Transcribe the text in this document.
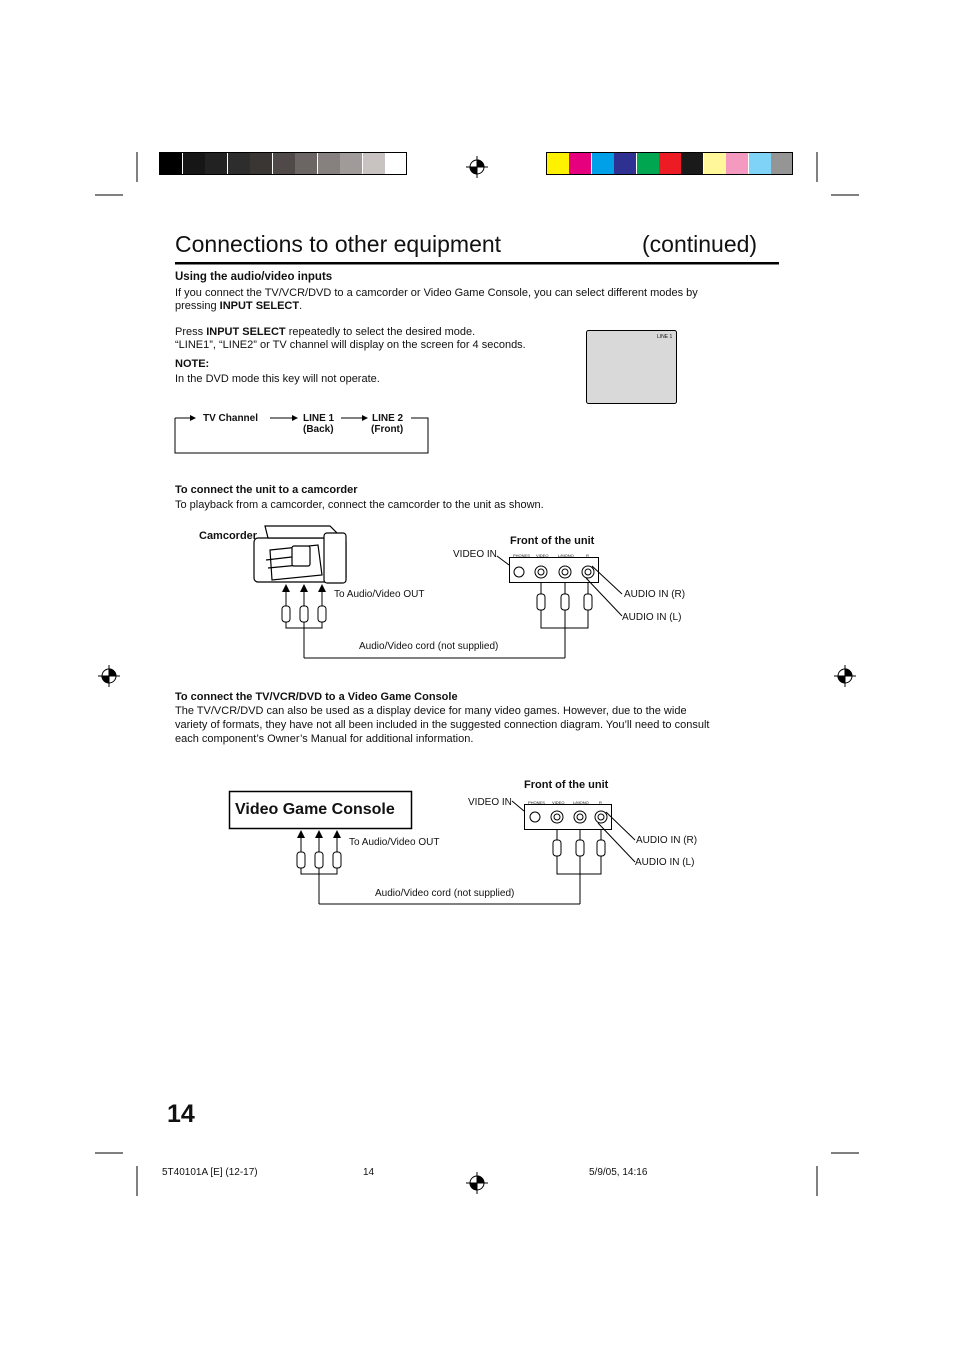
Connections to other equipment	(continued)
Using the audio/video inputs
If you connect the TV/VCR/DVD to a camcorder or Video Game Console, you can select different modes by
pressing INPUT SELECT.
Press INPUT SELECT repeatedly to select the desired mode.
“LINE1”, “LINE2” or TV channel will display on the screen for 4 seconds.
NOTE:
In the DVD mode this key will not operate.
LINE 1
TV Channel	LINE 1
(Back)
LINE 2
(Front)
To connect the unit to a camcorder
To playback from a camcorder, connect the camcorder to the unit as shown.
Camcorder	Front of the unit
VIDEO IN	PHONES VIDEO L/MONO	R
To Audio/Video OUT	AUDIO IN (R)
AUDIO IN (L)
Audio/Video cord (not supplied)
To connect the TV/VCR/DVD to a Video Game Console
The TV/VCR/DVD can also be used as a display device for many video games. However, due to the wide
variety of formats, they have not all been included in the suggested connection diagram. You’ll need to consult
each component’s Owner’s Manual for additional information.
Video Game Console
Front of the unit
VIDEO IN	PHONES VIDEO L/MONO	R
To Audio/Video OUT	AUDIO IN (R)
AUDIO IN (L)
Audio/Video cord (not supplied)
14
5T40101A [E] (12-17)	14	5/9/05, 14:16
